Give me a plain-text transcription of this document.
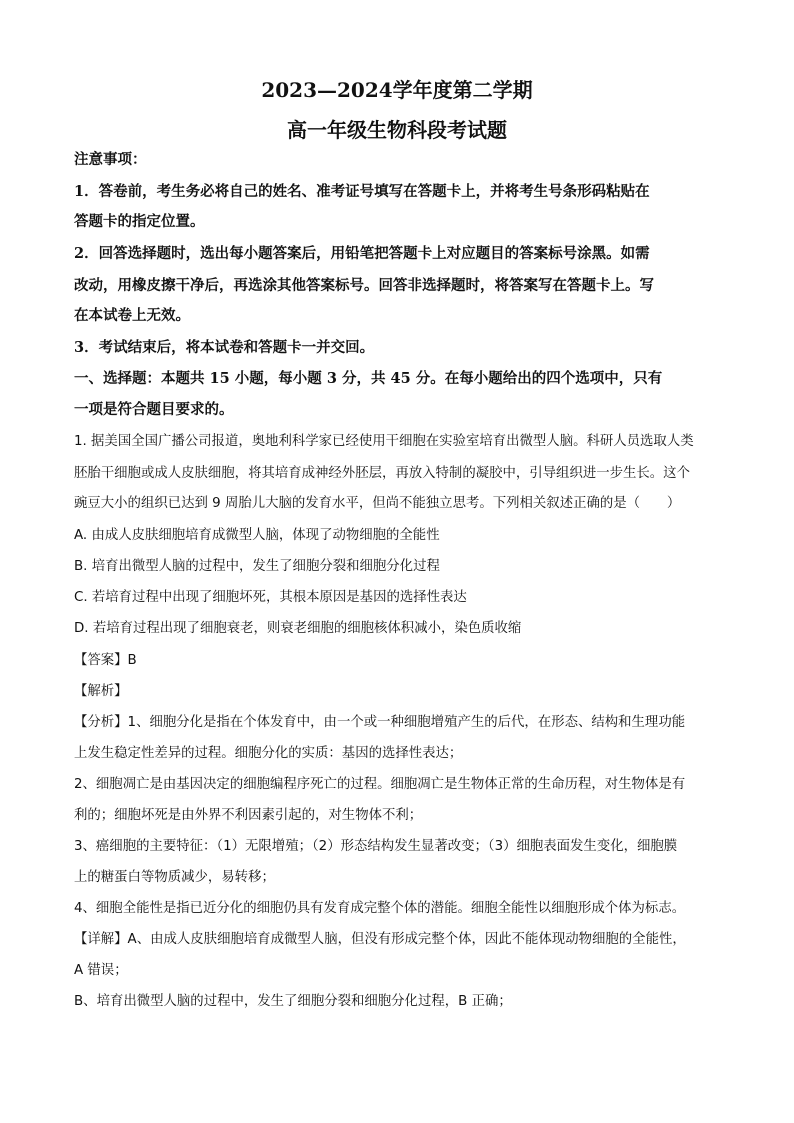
2023—2024学年度第二学期
高一年级生物科段考试题
注意事项：
1．答卷前，考生务必将自己的姓名、准考证号填写在答题卡上，并将考生号条形码粘贴在
答题卡的指定位置。
2．回答选择题时，选出每小题答案后，用铅笔把答题卡上对应题目的答案标号涂黑。如需
改动，用橡皮擦干净后，再选涂其他答案标号。回答非选择题时，将答案写在答题卡上。写
在本试卷上无效。
3．考试结束后，将本试卷和答题卡一并交回。
一、选择题：本题共 15 小题，每小题 3 分，共 45 分。在每小题给出的四个选项中，只有
一项是符合题目要求的。
1. 据美国全国广播公司报道，奥地利科学家已经使用干细胞在实验室培育出微型人脑。科研人员选取人类
胚胎干细胞或成人皮肤细胞，将其培育成神经外胚层，再放入特制的凝胶中，引导组织进一步生长。这个
豌豆大小的组织已达到 9 周胎儿大脑的发育水平，但尚不能独立思考。下列相关叙述正确的是（　　）
A. 由成人皮肤细胞培育成微型人脑，体现了动物细胞的全能性
B. 培育出微型人脑的过程中，发生了细胞分裂和细胞分化过程
C. 若培育过程中出现了细胞坏死，其根本原因是基因的选择性表达
D. 若培育过程出现了细胞衰老，则衰老细胞的细胞核体积减小，染色质收缩
【答案】B
【解析】
【分析】1、细胞分化是指在个体发育中，由一个或一种细胞增殖产生的后代，在形态、结构和生理功能
上发生稳定性差异的过程。细胞分化的实质：基因的选择性表达；
2、细胞凋亡是由基因决定的细胞编程序死亡的过程。细胞凋亡是生物体正常的生命历程，对生物体是有
利的；细胞坏死是由外界不利因素引起的，对生物体不利；
3、癌细胞的主要特征：（1）无限增殖；（2）形态结构发生显著改变；（3）细胞表面发生变化，细胞膜
上的糖蛋白等物质减少，易转移；
4、细胞全能性是指已近分化的细胞仍具有发育成完整个体的潜能。细胞全能性以细胞形成个体为标志。
【详解】A、由成人皮肤细胞培育成微型人脑，但没有形成完整个体，因此不能体现动物细胞的全能性，
A 错误；
B、培育出微型人脑的过程中，发生了细胞分裂和细胞分化过程，B 正确；
